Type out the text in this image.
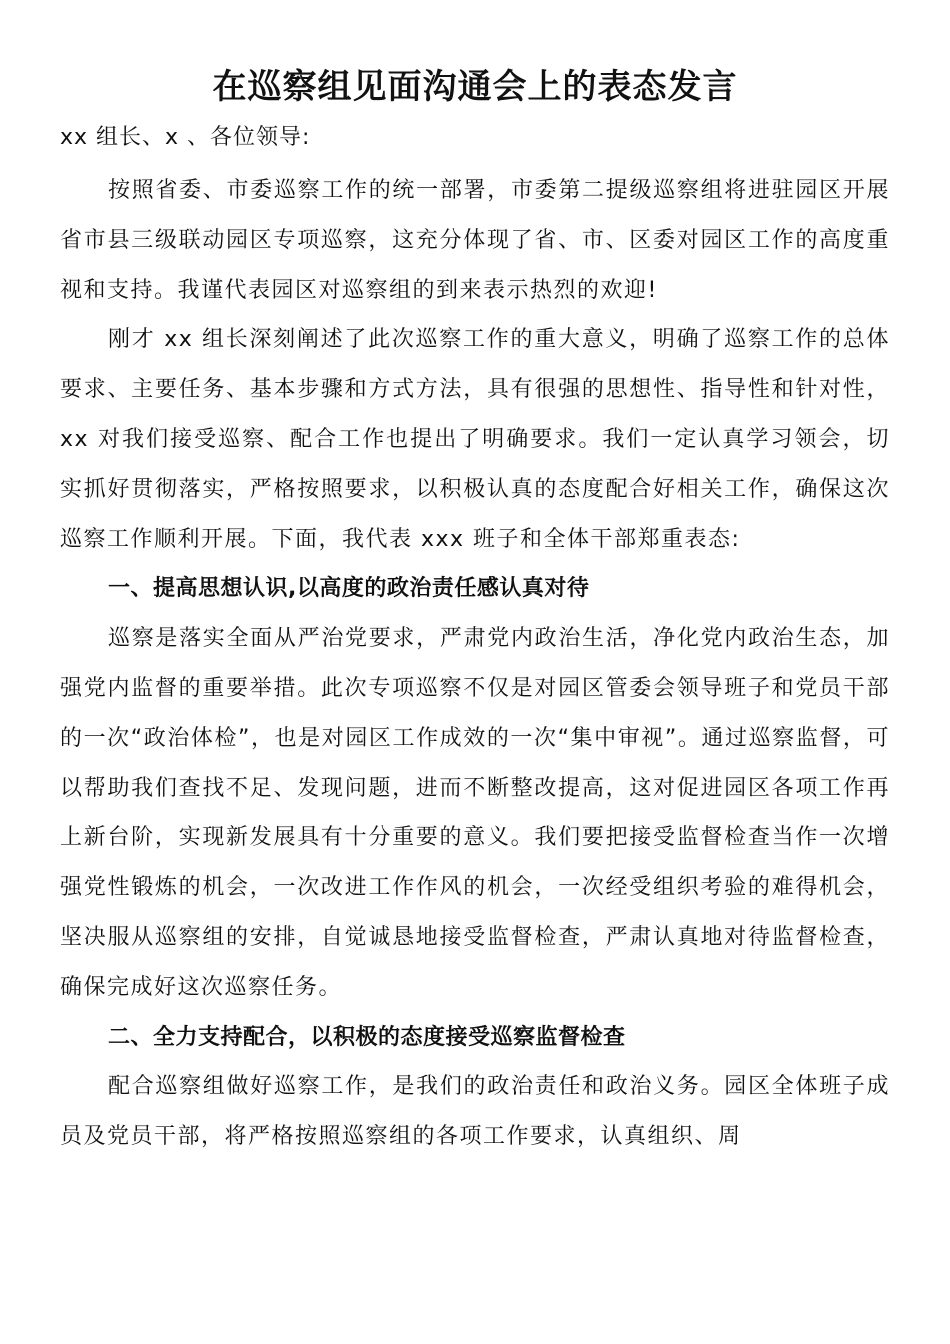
在巡察组见面沟通会上的表态发言
xx 组长、x 、各位领导:

按照省委、市委巡察工作的统一部署，市委第二提级巡察组将进驻园区开展省市县三级联动园区专项巡察，这充分体现了省、市、区委对园区工作的高度重视和支持。我谨代表园区对巡察组的到来表示热烈的欢迎!

刚才 xx 组长深刻阐述了此次巡察工作的重大意义，明确了巡察工作的总体要求、主要任务、基本步骤和方式方法，具有很强的思想性、指导性和针对性，xx 对我们接受巡察、配合工作也提出了明确要求。我们一定认真学习领会，切实抓好贯彻落实，严格按照要求，以积极认真的态度配合好相关工作，确保这次巡察工作顺利开展。下面，我代表 xxx 班子和全体干部郑重表态:

一、提高思想认识,以高度的政治责任感认真对待

巡察是落实全面从严治党要求，严肃党内政治生活，净化党内政治生态，加强党内监督的重要举措。此次专项巡察不仅是对园区管委会领导班子和党员干部的一次“政治体检”，也是对园区工作成效的一次“集中审视”。通过巡察监督，可以帮助我们查找不足、发现问题，进而不断整改提高，这对促进园区各项工作再上新台阶，实现新发展具有十分重要的意义。我们要把接受监督检查当作一次增强党性锻炼的机会，一次改进工作作风的机会，一次经受组织考验的难得机会，坚决服从巡察组的安排，自觉诚恳地接受监督检查，严肃认真地对待监督检查，确保完成好这次巡察任务。

二、全力支持配合，以积极的态度接受巡察监督检查

配合巡察组做好巡察工作，是我们的政治责任和政治义务。园区全体班子成员及党员干部，将严格按照巡察组的各项工作要求，认真组织、周
